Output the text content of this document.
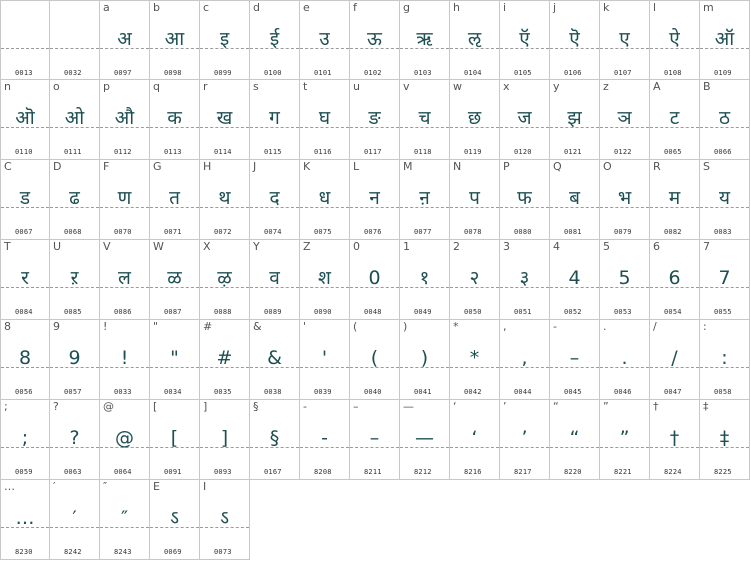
0013	0032
a
अ
0097
b
आ
0098
c
इ
0099
d
ई
0100
e
उ
0101
f
ऊ
0102
g
ऋ
0103
h
ऌ
0104
i
ऍ
0105
j
ऎ
0106
k
ए
0107
l
ऐ
0108
m
ऑ
0109
n
ऒ
0110
o
ओ
0111
p
औ
0112
q
क
0113
r
ख
0114
s
ग
0115
t
घ
0116
u
ङ
0117
v
च
0118
w
छ
0119
x
ज
0120
y
झ
0121
z
ञ
0122
A
ट
0065
B
ठ
0066
C
ड
0067
D
ढ
0068
F
ण
0070
G
त
0071
H
थ
0072
J
द
0074
K
ध
0075
L
न
0076
M
ऩ
0077
N
प
0078
P
फ
0080
Q
ब
0081
O
भ
0079
R
म
0082
S
य
0083
T
र
0084
U
ऱ
0085
V
ल
0086
W
ळ
0087
X
ऴ
0088
Y
व
0089
Z
श
0090
0
0
0048
1
१
0049
2
२
0050
3
३
0051
4
4
0052
5
5
0053
6
6
0054
7
7
0055
8
8
0056
9
9
0057
!
!
0033
"
"
0034
#
#
0035
&
&
0038
'
'
0039
(
(
0040
)
)
0041
*
*
0042
,
,
0044
-
–
0045
.
.
0046
/
/
0047
:
:
0058
;
;
0059
?
?
0063
@
@
0064
[
[
0091
]
]
0093
§
§
0167
‐
-
8208
–
–
8211
—
—
8212
‘
‘
8216
’
’
8217
“
“
8220
”
”
8221
†
†
8224
‡
‡
8225
…
…
8230
′
′
8242
″
″
8243
E
ऽ
0069
I
ऽ
0073
